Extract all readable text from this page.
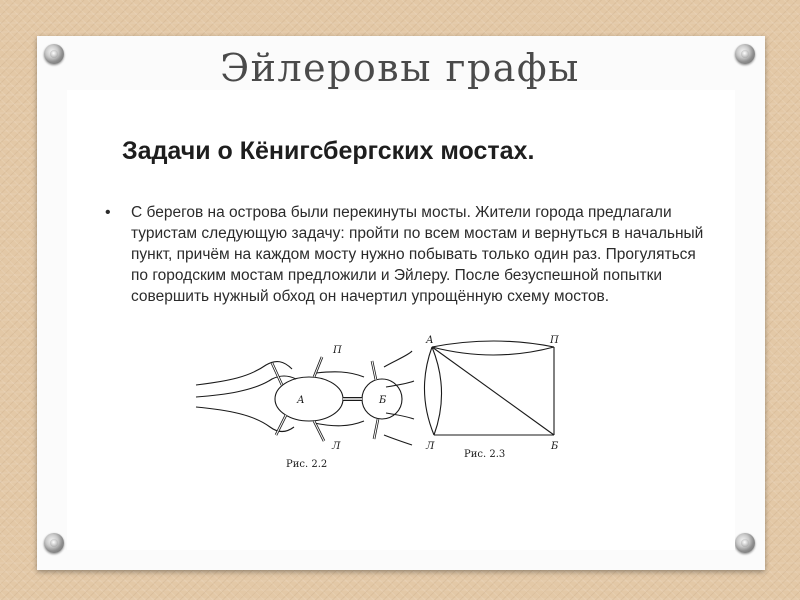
Эйлеровы графы
Задачи о Кёнигсбергских мостах.
• С берегов на острова были перекинуты мосты. Жители города предлагали туристам следующую задачу: пройти по всем мостам и вернуться в начальный пункт, причём на каждом мосту нужно побывать только один раз. Прогуляться по городским мостам предложили и Эйлеру. После безуспешной попытки совершить нужный обход он начертил упрощённую схему мостов.
П
А	Б
Л
Рис. 2.2
А	П
Л	Б
Рис. 2.3
